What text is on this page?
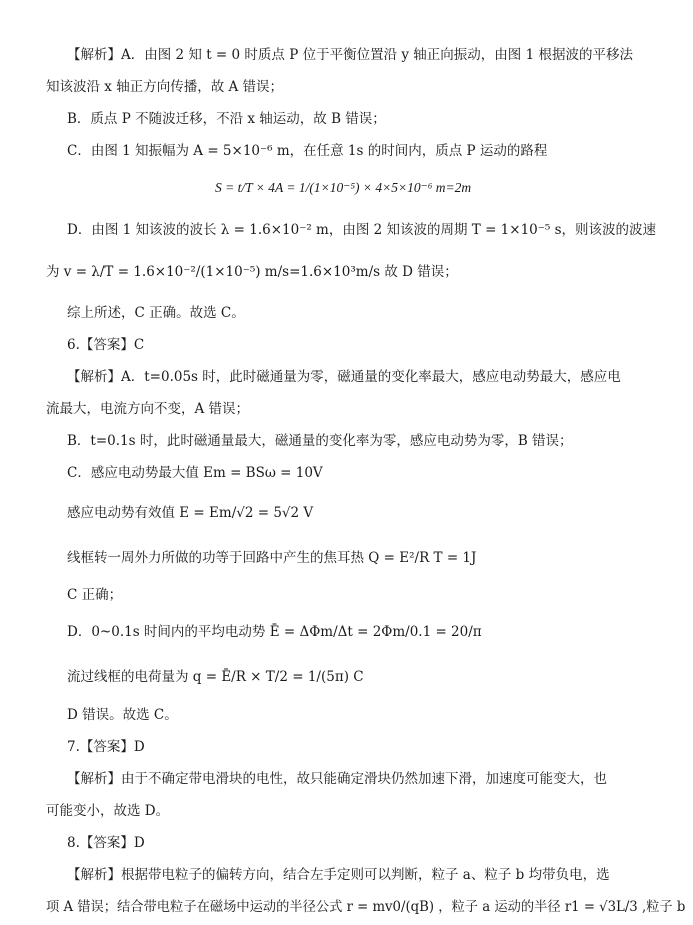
【解析】A．由图 2 知 t = 0 时质点 P 位于平衡位置沿 y 轴正向振动，由图 1 根据波的平移法
知该波沿 x 轴正方向传播，故 A 错误；
B．质点 P 不随波迁移，不沿 x 轴运动，故 B 错误；
C．由图 1 知振幅为 A = 5×10⁻⁶ m，在任意 1s 的时间内，质点 P 运动的路程
S = t/T × 4A = 1/(1×10⁻⁵) × 4×5×10⁻⁶ m=2m
D．由图 1 知该波的波长 λ = 1.6×10⁻² m，由图 2 知该波的周期 T = 1×10⁻⁵ s，则该波的波速
为 v = λ/T = 1.6×10⁻²/(1×10⁻⁵) m/s=1.6×10³m/s 故 D 错误；
综上所述，C 正确。故选 C。
6.【答案】C
【解析】A．t=0.05s 时，此时磁通量为零，磁通量的变化率最大，感应电动势最大，感应电
流最大，电流方向不变，A 错误；
B．t=0.1s 时，此时磁通量最大，磁通量的变化率为零，感应电动势为零，B 错误；
C．感应电动势最大值 Em = BSω = 10V
感应电动势有效值 E = Em/√2 = 5√2 V
线框转一周外力所做的功等于回路中产生的焦耳热 Q = E²/R T = 1J
C 正确；
D．0~0.1s 时间内的平均电动势 Ē = ΔΦm/Δt = 2Φm/0.1 = 20/π
流过线框的电荷量为 q = Ē/R × T/2 = 1/(5π) C
D 错误。故选 C。
7.【答案】D
【解析】由于不确定带电滑块的电性，故只能确定滑块仍然加速下滑，加速度可能变大，也
可能变小，故选 D。
8.【答案】D
【解析】根据带电粒子的偏转方向，结合左手定则可以判断，粒子 a、粒子 b 均带负电，选
项 A 错误；结合带电粒子在磁场中运动的半径公式 r = mv0/(qB) ，粒子 a 运动的半径 r1 = √3L/3 ,粒子 b
